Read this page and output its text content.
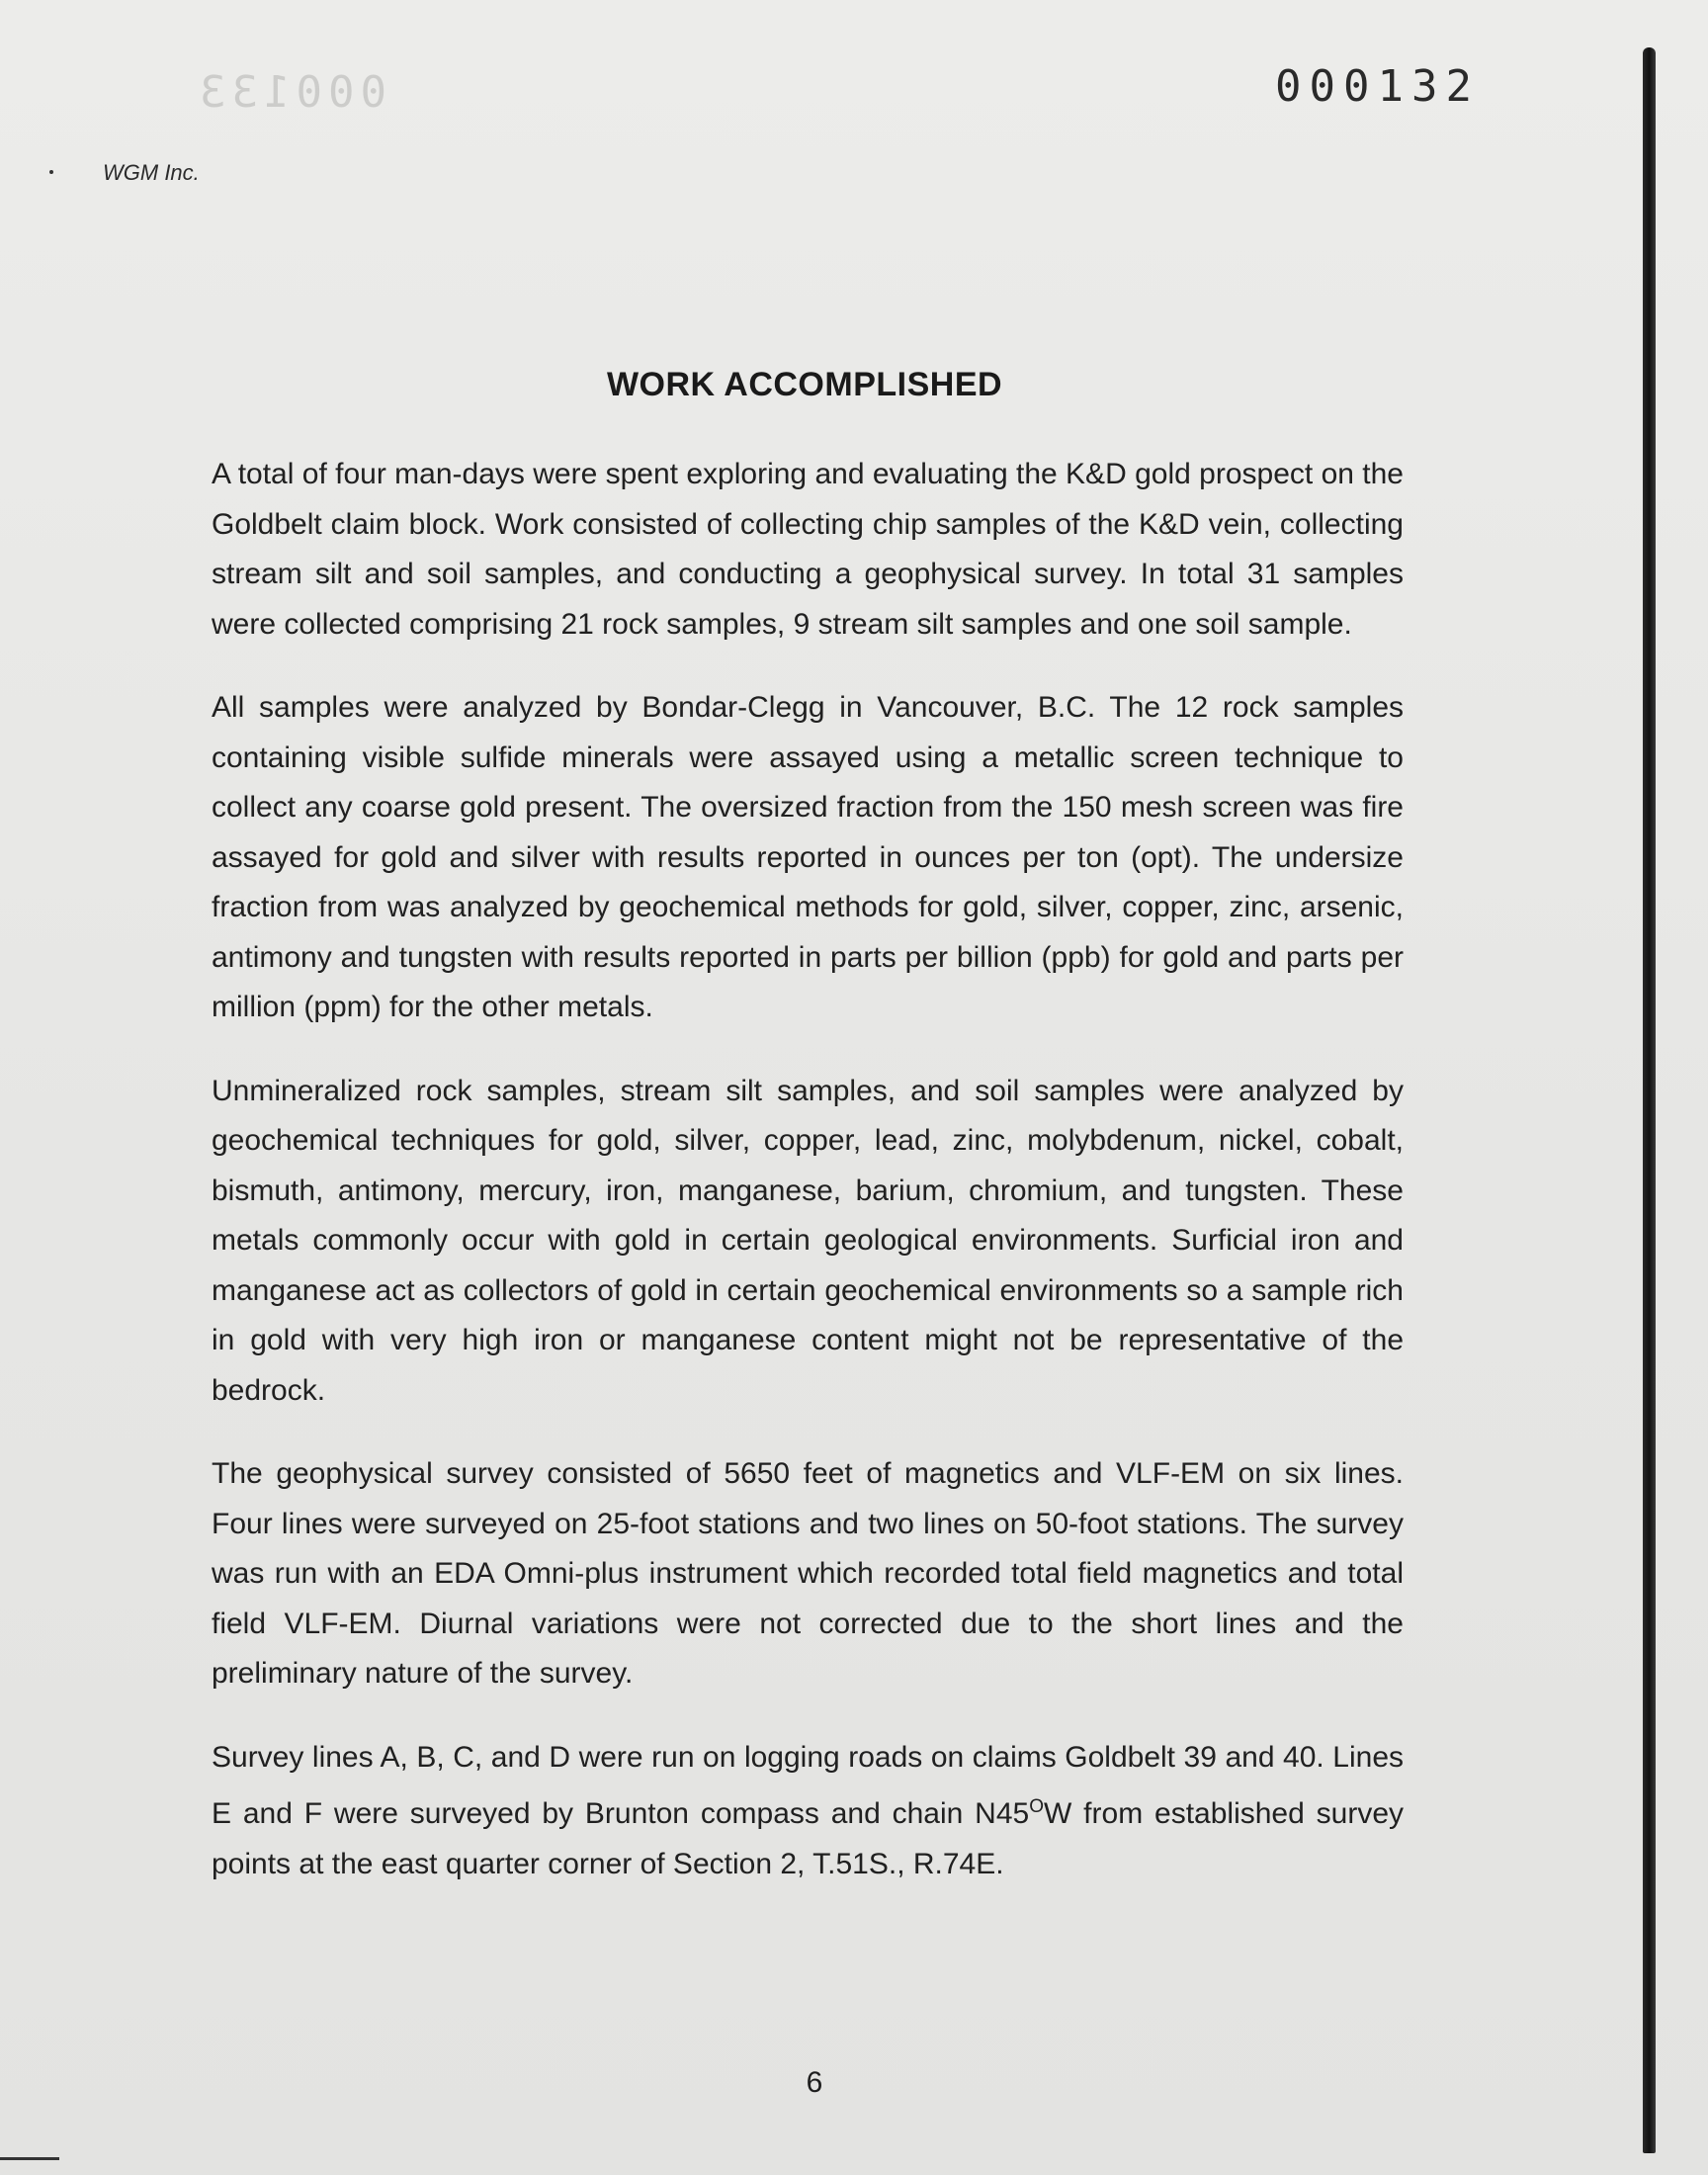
000133	000132
WGM Inc.
WORK ACCOMPLISHED

A total of four man-days were spent exploring and evaluating the K&D gold prospect on the Goldbelt claim block. Work consisted of collecting chip samples of the K&D vein, collecting stream silt and soil samples, and conducting a geophysical survey. In total 31 samples were collected comprising 21 rock samples, 9 stream silt samples and one soil sample.

All samples were analyzed by Bondar-Clegg in Vancouver, B.C. The 12 rock samples containing visible sulfide minerals were assayed using a metallic screen technique to collect any coarse gold present. The oversized fraction from the 150 mesh screen was fire assayed for gold and silver with results reported in ounces per ton (opt). The undersize fraction from was analyzed by geochemical methods for gold, silver, copper, zinc, arsenic, antimony and tungsten with results reported in parts per billion (ppb) for gold and parts per million (ppm) for the other metals.

Unmineralized rock samples, stream silt samples, and soil samples were analyzed by geochemical techniques for gold, silver, copper, lead, zinc, molybdenum, nickel, cobalt, bismuth, antimony, mercury, iron, manganese, barium, chromium, and tungsten. These metals commonly occur with gold in certain geological environments. Surficial iron and manganese act as collectors of gold in certain geochemical environments so a sample rich in gold with very high iron or manganese content might not be representative of the bedrock.

The geophysical survey consisted of 5650 feet of magnetics and VLF-EM on six lines. Four lines were surveyed on 25-foot stations and two lines on 50-foot stations. The survey was run with an EDA Omni-plus instrument which recorded total field magnetics and total field VLF-EM. Diurnal variations were not corrected due to the short lines and the preliminary nature of the survey.

Survey lines A, B, C, and D were run on logging roads on claims Goldbelt 39 and 40. Lines E and F were surveyed by Brunton compass and chain $N45^OW$ from established survey points at the east quarter corner of Section 2, T.51S., R.74E.

6
